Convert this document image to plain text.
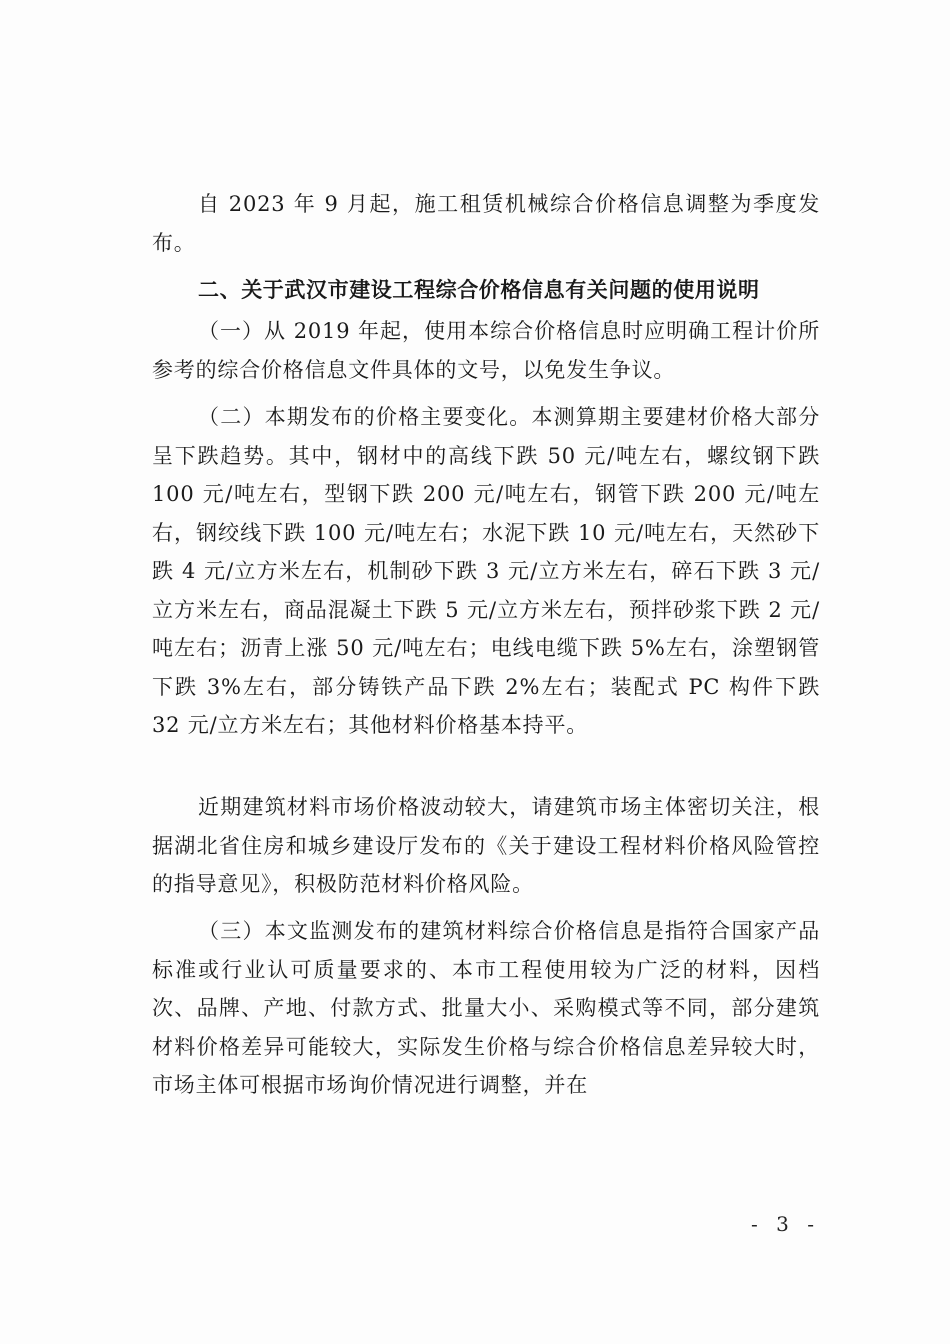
自 2023 年 9 月起，施工租赁机械综合价格信息调整为季度发布。

二、关于武汉市建设工程综合价格信息有关问题的使用说明

（一）从 2019 年起，使用本综合价格信息时应明确工程计价所参考的综合价格信息文件具体的文号，以免发生争议。

（二）本期发布的价格主要变化。本测算期主要建材价格大部分呈下跌趋势。其中，钢材中的高线下跌 50 元/吨左右，螺纹钢下跌 100 元/吨左右，型钢下跌 200 元/吨左右，钢管下跌 200 元/吨左右，钢绞线下跌 100 元/吨左右；水泥下跌 10 元/吨左右，天然砂下跌 4 元/立方米左右，机制砂下跌 3 元/立方米左右，碎石下跌 3 元/立方米左右，商品混凝土下跌 5 元/立方米左右，预拌砂浆下跌 2 元/吨左右；沥青上涨 50 元/吨左右；电线电缆下跌 5%左右，涂塑钢管下跌 3%左右，部分铸铁产品下跌 2%左右；装配式 PC 构件下跌 32 元/立方米左右；其他材料价格基本持平。

近期建筑材料市场价格波动较大，请建筑市场主体密切关注，根据湖北省住房和城乡建设厅发布的《关于建设工程材料价格风险管控的指导意见》，积极防范材料价格风险。

（三）本文监测发布的建筑材料综合价格信息是指符合国家产品标准或行业认可质量要求的、本市工程使用较为广泛的材料，因档次、品牌、产地、付款方式、批量大小、采购模式等不同，部分建筑材料价格差异可能较大，实际发生价格与综合价格信息差异较大时，市场主体可根据市场询价情况进行调整，并在

- 3 -
